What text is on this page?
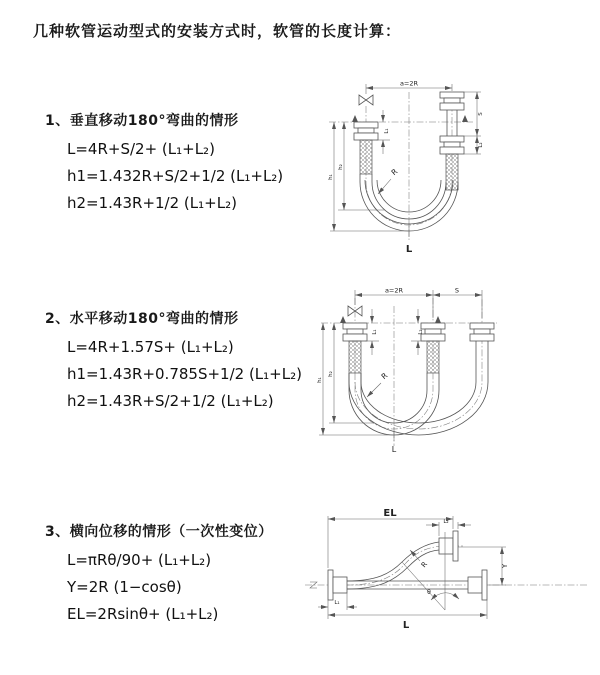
几种软管运动型式的安装方式时，软管的长度计算：
1、垂直移动180°弯曲的情形
L=4R+S/2+ (L₁+L₂)
h1=1.432R+S/2+1/2 (L₁+L₂)
h2=1.43R+1/2 (L₁+L₂)
2、水平移动180°弯曲的情形
L=4R+1.57S+ (L₁+L₂)
h1=1.43R+0.785S+1/2 (L₁+L₂)
h2=1.43R+S/2+1/2 (L₁+L₂)
3、横向位移的情形（一次性变位）
L=πRθ/90+ (L₁+L₂)
Y=2R (1−cosθ)
EL=2Rsinθ+ (L₁+L₂)
a=2R
S
L₂
L₁
h₁
h₂	R
L
a=2R	S
L₁	L₂
h₁
h₂	R
L
θ
EL
L₂
Y
L₁
L
R
